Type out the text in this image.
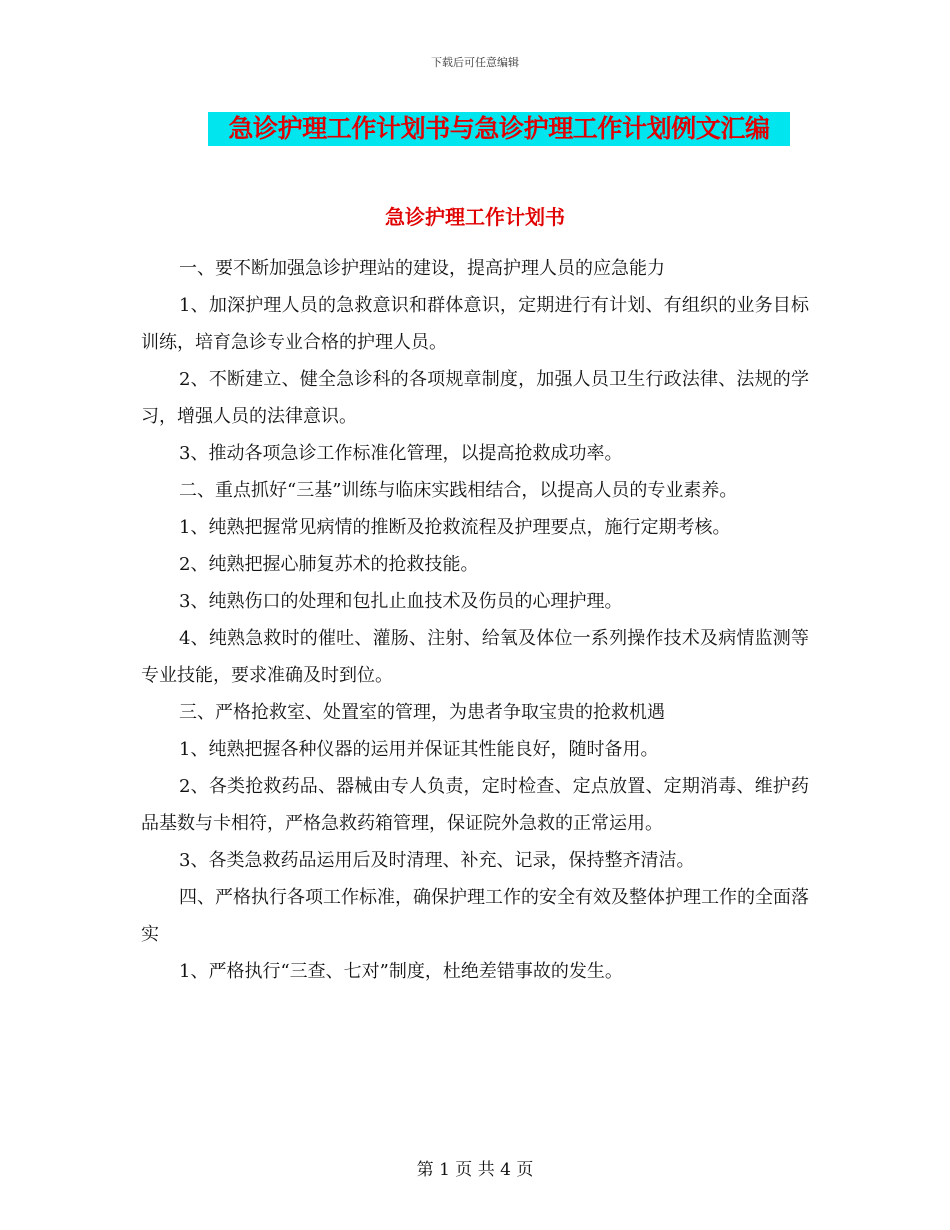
下载后可任意编辑
急诊护理工作计划书与急诊护理工作计划例文汇编
急诊护理工作计划书

一、要不断加强急诊护理站的建设，提高护理人员的应急能力

1、加深护理人员的急救意识和群体意识，定期进行有计划、有组织的业务目标训练，培育急诊专业合格的护理人员。

2、不断建立、健全急诊科的各项规章制度，加强人员卫生行政法律、法规的学习，增强人员的法律意识。

3、推动各项急诊工作标准化管理，以提高抢救成功率。

二、重点抓好“三基”训练与临床实践相结合，以提高人员的专业素养。

1、纯熟把握常见病情的推断及抢救流程及护理要点，施行定期考核。

2、纯熟把握心肺复苏术的抢救技能。

3、纯熟伤口的处理和包扎止血技术及伤员的心理护理。

4、纯熟急救时的催吐、灌肠、注射、给氧及体位一系列操作技术及病情监测等专业技能，要求准确及时到位。

三、严格抢救室、处置室的管理，为患者争取宝贵的抢救机遇

1、纯熟把握各种仪器的运用并保证其性能良好，随时备用。

2、各类抢救药品、器械由专人负责，定时检查、定点放置、定期消毒、维护药品基数与卡相符，严格急救药箱管理，保证院外急救的正常运用。

3、各类急救药品运用后及时清理、补充、记录，保持整齐清洁。

四、严格执行各项工作标准，确保护理工作的安全有效及整体护理工作的全面落实

1、严格执行“三查、七对”制度，杜绝差错事故的发生。

第 1 页 共 4 页
